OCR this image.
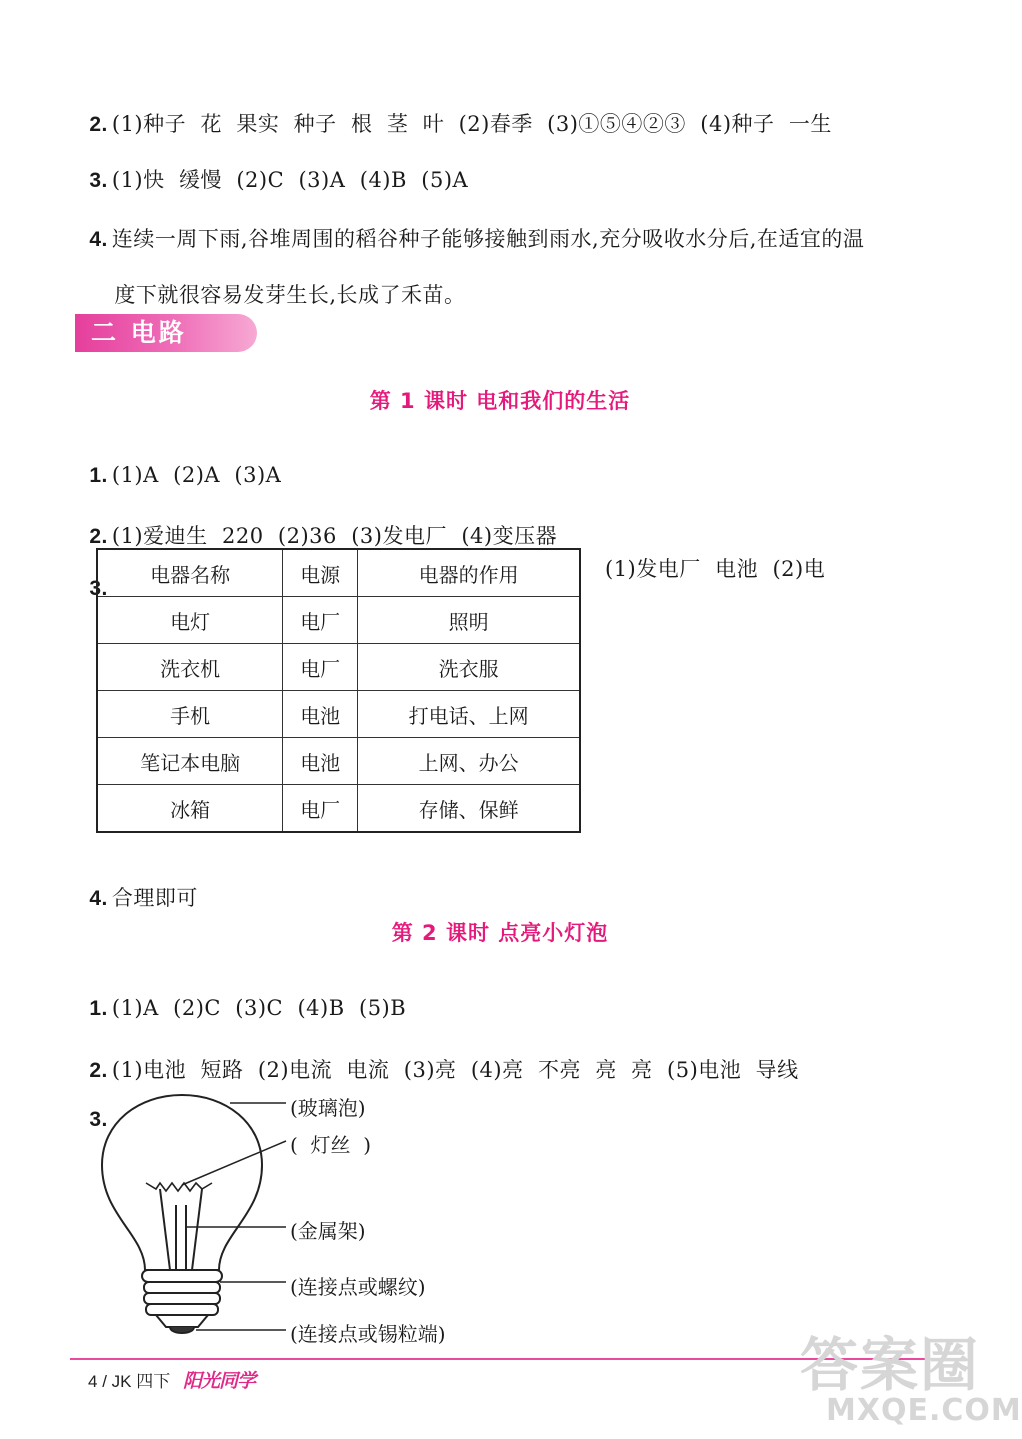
2. (1)种子  花  果实  种子  根  茎  叶  (2)春季  (3)①⑤④②③  (4)种子  一生

3. (1)快  缓慢  (2)C  (3)A  (4)B  (5)A

4. 连续一周下雨,谷堆周围的稻谷种子能够接触到雨水,充分吸收水分后,在适宜的温

度下就很容易发芽生长,长成了禾苗。

二 电路
第 1 课时 电和我们的生活

1. (1)A  (2)A  (3)A

2. (1)爱迪生  220  (2)36  (3)发电厂  (4)变压器

3.

(1)发电厂  电池  (2)电
电器名称	电源	电器的作用
电灯	电厂	照明
洗衣机	电厂	洗衣服
手机	电池	打电话、上网
笔记本电脑	电池	上网、办公
冰箱	电厂	存储、保鲜

4. 合理即可

第 2 课时 点亮小灯泡

1. (1)A  (2)C  (3)C  (4)B  (5)B

2. (1)电池  短路  (2)电流  电流  (3)亮  (4)亮  不亮  亮  亮  (5)电池  导线

3.	(玻璃泡)
(  灯丝  )
(金属架)
(连接点或螺纹)
(连接点或锡粒端)
4 / JK 四下 阳光同学	答案圈
MXQE.COM
